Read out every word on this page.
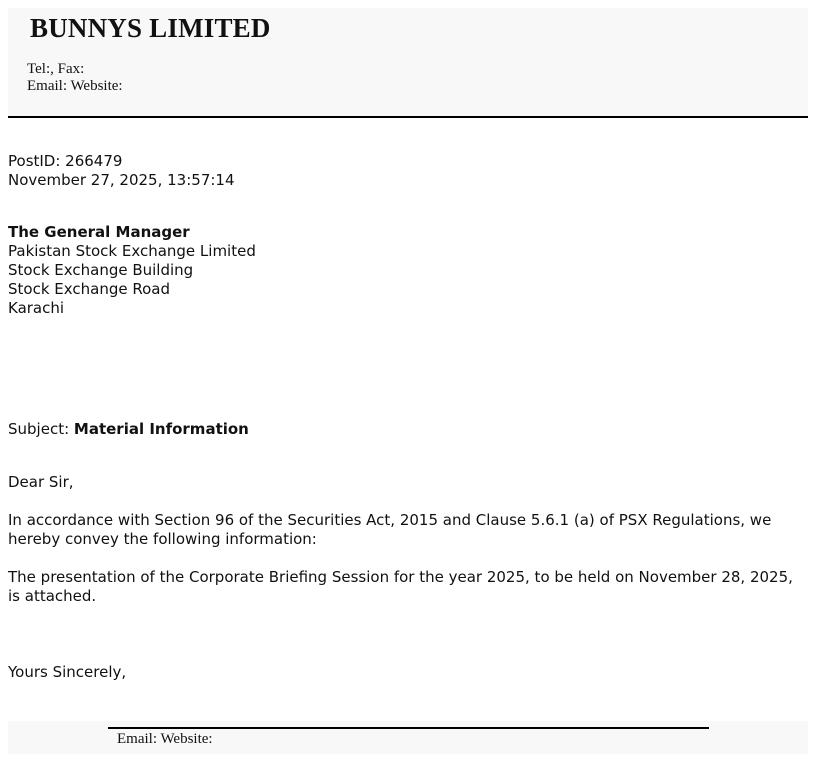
BUNNYS LIMITED
Tel:, Fax:
Email: Website:
PostID: 266479
November 27, 2025, 13:57:14
The General Manager
Pakistan Stock Exchange Limited
Stock Exchange Building
Stock Exchange Road
Karachi
Subject: Material Information
Dear Sir,
In accordance with Section 96 of the Securities Act, 2015 and Clause 5.6.1 (a) of PSX Regulations, we hereby convey the following information:
The presentation of the Corporate Briefing Session for the year 2025, to be held on November 28, 2025, is attached.
Yours Sincerely,
Email: Website:
